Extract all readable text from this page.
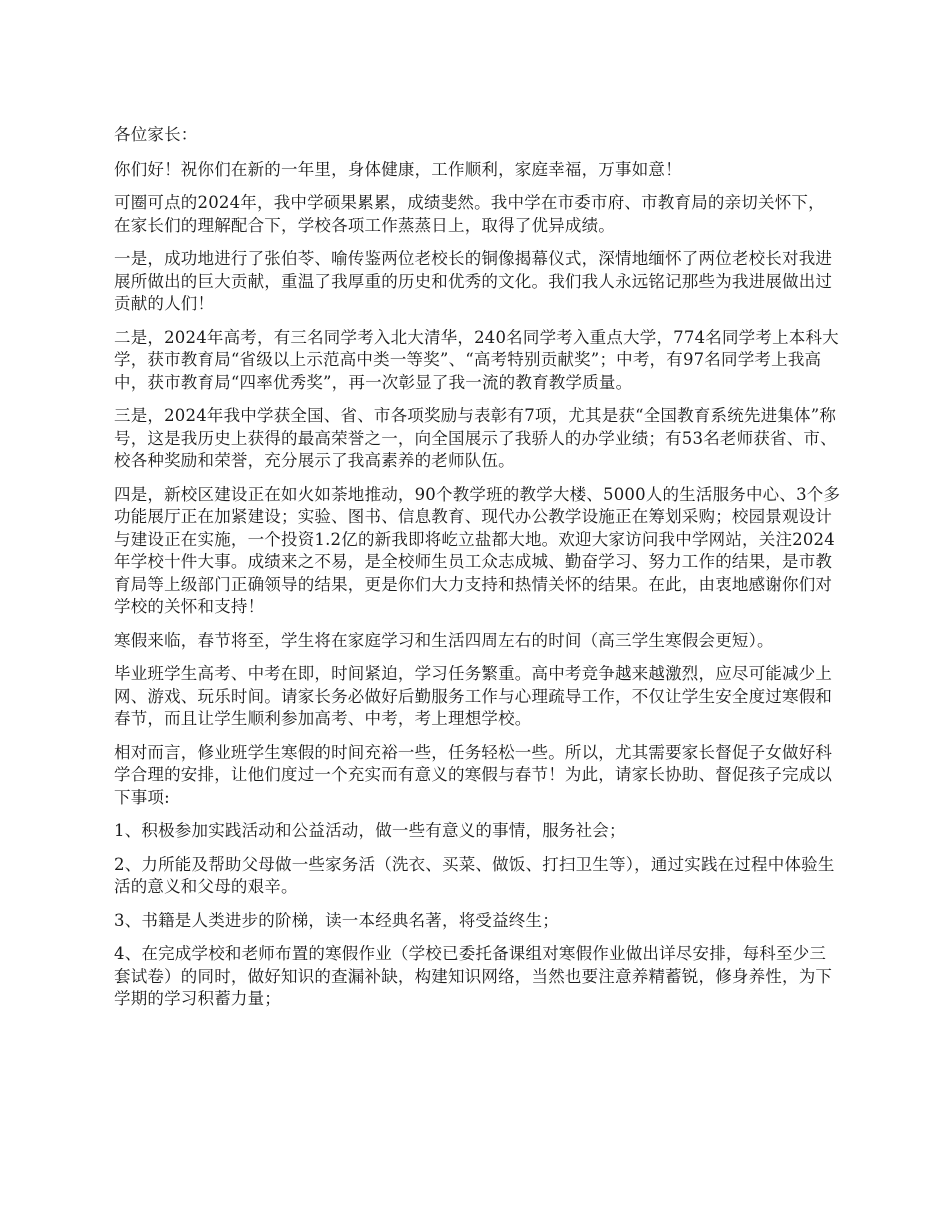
各位家长：

你们好！祝你们在新的一年里，身体健康，工作顺利，家庭幸福，万事如意！

可圈可点的2024年，我中学硕果累累，成绩斐然。我中学在市委市府、市教育局的亲切关怀下，在家长们的理解配合下，学校各项工作蒸蒸日上，取得了优异成绩。

一是，成功地进行了张伯苓、喻传鉴两位老校长的铜像揭幕仪式，深情地缅怀了两位老校长对我进展所做出的巨大贡献，重温了我厚重的历史和优秀的文化。我们我人永远铭记那些为我进展做出过贡献的人们！

二是，2024年高考，有三名同学考入北大清华，240名同学考入重点大学，774名同学考上本科大学，获市教育局“省级以上示范高中类一等奖”、“高考特别贡献奖”；中考，有97名同学考上我高中，获市教育局“四率优秀奖”，再一次彰显了我一流的教育教学质量。

三是，2024年我中学获全国、省、市各项奖励与表彰有7项，尤其是获“全国教育系统先进集体”称号，这是我历史上获得的最高荣誉之一，向全国展示了我骄人的办学业绩；有53名老师获省、市、校各种奖励和荣誉，充分展示了我高素养的老师队伍。

四是，新校区建设正在如火如荼地推动，90个教学班的教学大楼、5000人的生活服务中心、3个多功能展厅正在加紧建设；实验、图书、信息教育、现代办公教学设施正在筹划采购；校园景观设计与建设正在实施，一个投资1.2亿的新我即将屹立盐都大地。欢迎大家访问我中学网站，关注2024年学校十件大事。成绩来之不易，是全校师生员工众志成城、勤奋学习、努力工作的结果，是市教育局等上级部门正确领导的结果，更是你们大力支持和热情关怀的结果。在此，由衷地感谢你们对学校的关怀和支持！

寒假来临，春节将至，学生将在家庭学习和生活四周左右的时间（高三学生寒假会更短）。

毕业班学生高考、中考在即，时间紧迫，学习任务繁重。高中考竞争越来越激烈，应尽可能减少上网、游戏、玩乐时间。请家长务必做好后勤服务工作与心理疏导工作，不仅让学生安全度过寒假和春节，而且让学生顺利参加高考、中考，考上理想学校。

相对而言，修业班学生寒假的时间充裕一些，任务轻松一些。所以，尤其需要家长督促子女做好科学合理的安排，让他们度过一个充实而有意义的寒假与春节！为此，请家长协助、督促孩子完成以下事项:

1、积极参加实践活动和公益活动，做一些有意义的事情，服务社会；

2、力所能及帮助父母做一些家务活（洗衣、买菜、做饭、打扫卫生等），通过实践在过程中体验生活的意义和父母的艰辛。

3、书籍是人类进步的阶梯，读一本经典名著，将受益终生；

4、在完成学校和老师布置的寒假作业（学校已委托备课组对寒假作业做出详尽安排，每科至少三套试卷）的同时，做好知识的查漏补缺，构建知识网络，当然也要注意养精蓄锐，修身养性，为下学期的学习积蓄力量；
